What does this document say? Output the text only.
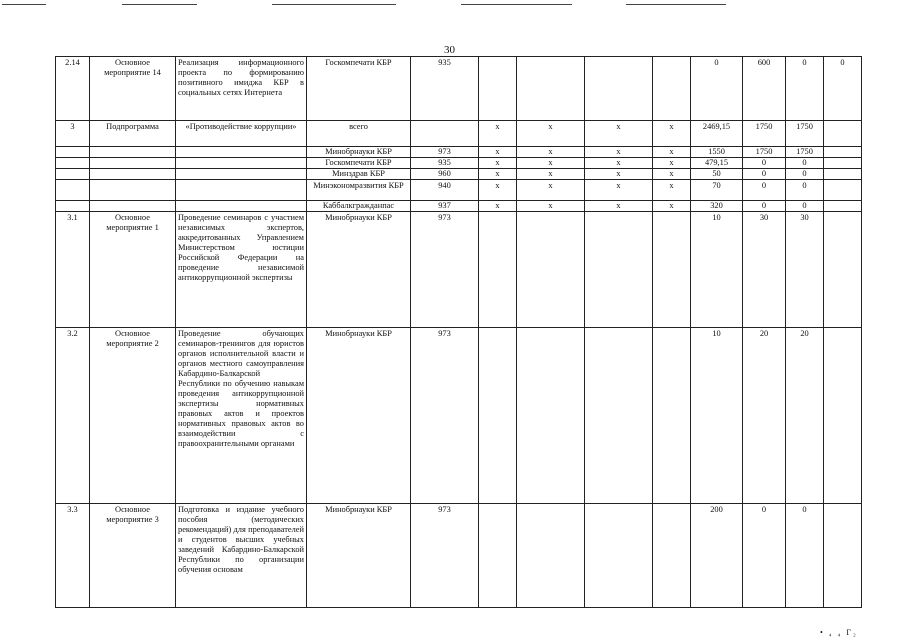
30
2.14	Основное мероприятие 14	Реализация информационного проекта по формированию позитивного имиджа КБР в социальных сетях Интернета	Госкомпечати КБР	935					0	600	0	0
3	Подпрограмма	«Противодействие коррупции»	всего		x	x	x	x	2469,15	1750	1750	
			Минобрнауки КБР	973	x	x	x	x	1550	1750	1750	
			Госкомпечати КБР	935	x	x	x	x	479,15	0	0	
			Минздрав КБР	960	x	x	x	x	50	0	0	
			Минэкономразвития КБР	940	x	x	x	x	70	0	0	
			Каббалкгражданпас	937	x	x	x	x	320	0	0	
3.1	Основное мероприятие 1	Проведение семинаров с участием независимых экспертов, аккредитованных Управлением Министерством юстиции Российской Федерации на проведение независимой антикоррупционной экспертизы	Минобрнауки КБР	973					10	30	30	
3.2	Основное мероприятие 2	Проведение обучающих семинаров-тренингов для юристов органов исполнительной власти и органов местного самоуправления Кабардино-Балкарской Республики по обучению навыкам проведения антикоррупционной экспертизы нормативных правовых актов и проектов нормативных правовых актов во взаимодействии с правоохранительными органами	Минобрнауки КБР	973					10	20	20	
3.3	Основное мероприятие 3	Подготовка и издание учебного пособия (методических рекомендаций) для преподавателей и студентов высших учебных заведений Кабардино-Балкарской Республики по организации обучения основам	Минобрнауки КБР	973					200	0	0	
• ₄ ₄ Γ₂
